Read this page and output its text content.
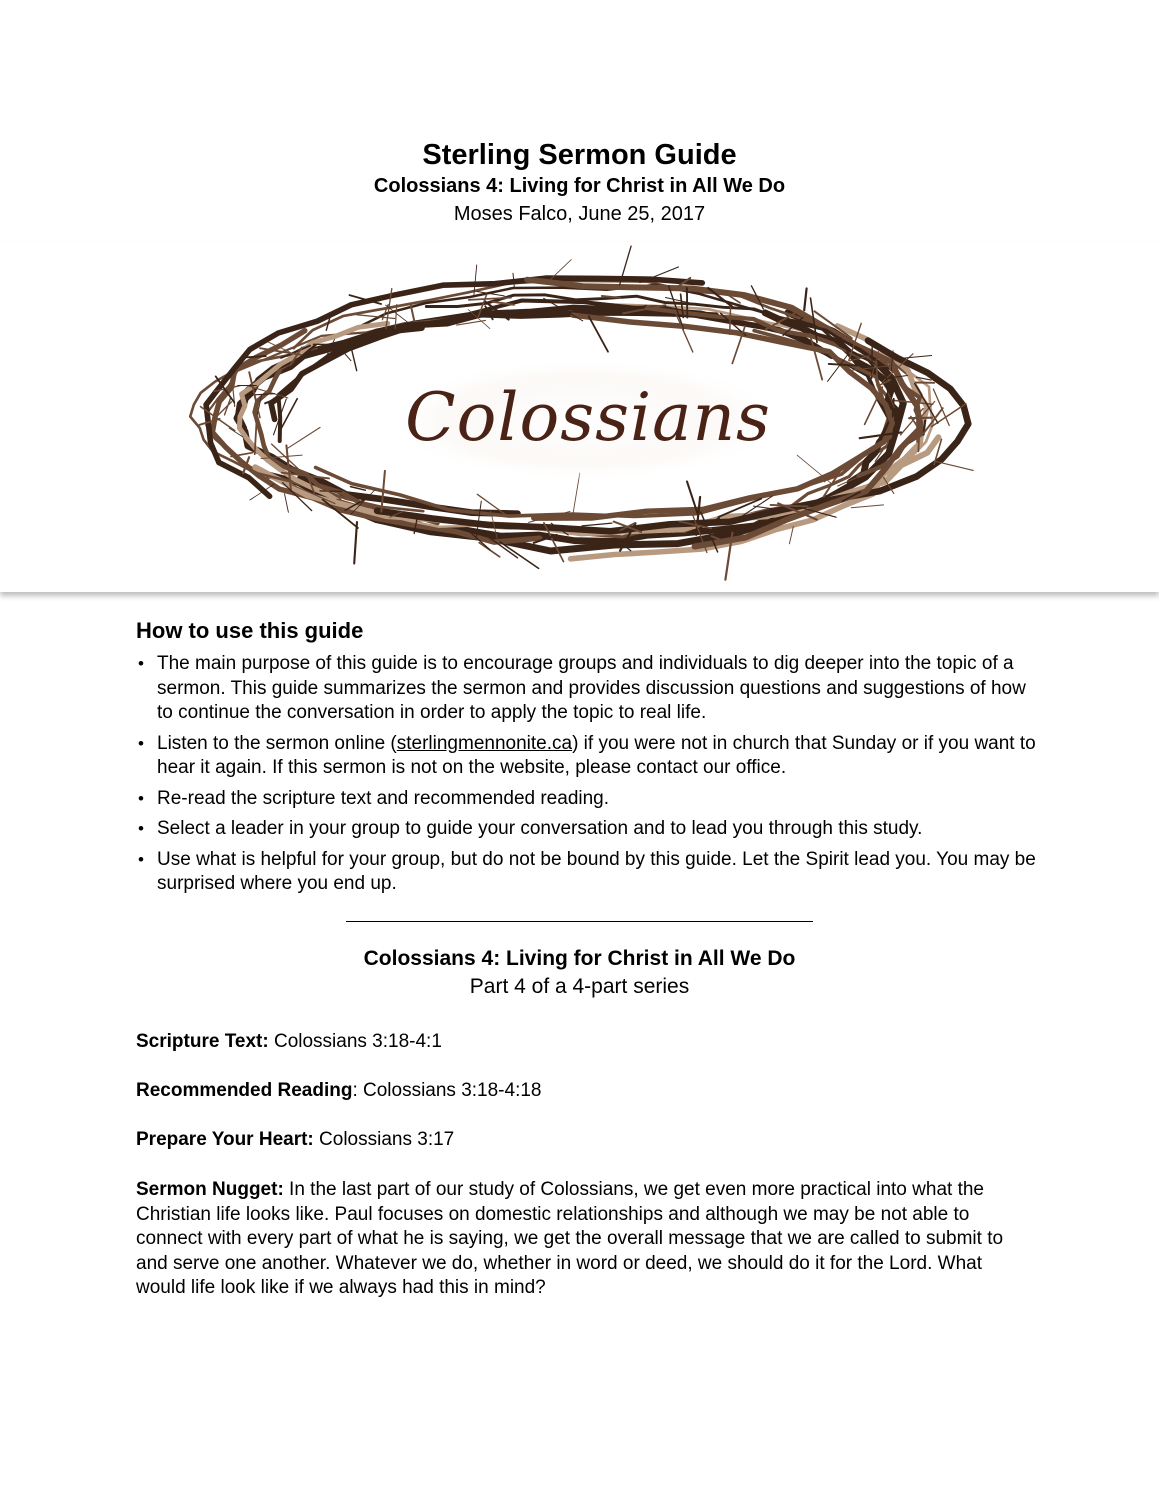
Sterling Sermon Guide

Colossians 4: Living for Christ in All We Do

Moses Falco, June 25, 2017

Colossians
How to use this guide
• The main purpose of this guide is to encourage groups and individuals to dig deeper into the topic of a sermon. This guide summarizes the sermon and provides discussion questions and suggestions of how to continue the conversation in order to apply the topic to real life.
• Listen to the sermon online (sterlingmennonite.ca) if you were not in church that Sunday or if you want to hear it again. If this sermon is not on the website, please contact our office.
• Re-read the scripture text and recommended reading.
• Select a leader in your group to guide your conversation and to lead you through this study.
• Use what is helpful for your group, but do not be bound by this guide. Let the Spirit lead you. You may be surprised where you end up.

Colossians 4: Living for Christ in All We Do

Part 4 of a 4-part series

Scripture Text: Colossians 3:18-4:1

Recommended Reading: Colossians 3:18-4:18

Prepare Your Heart: Colossians 3:17

Sermon Nugget: In the last part of our study of Colossians, we get even more practical into what the Christian life looks like. Paul focuses on domestic relationships and although we may be not able to connect with every part of what he is saying, we get the overall message that we are called to submit to and serve one another. Whatever we do, whether in word or deed, we should do it for the Lord. What would life look like if we always had this in mind?
